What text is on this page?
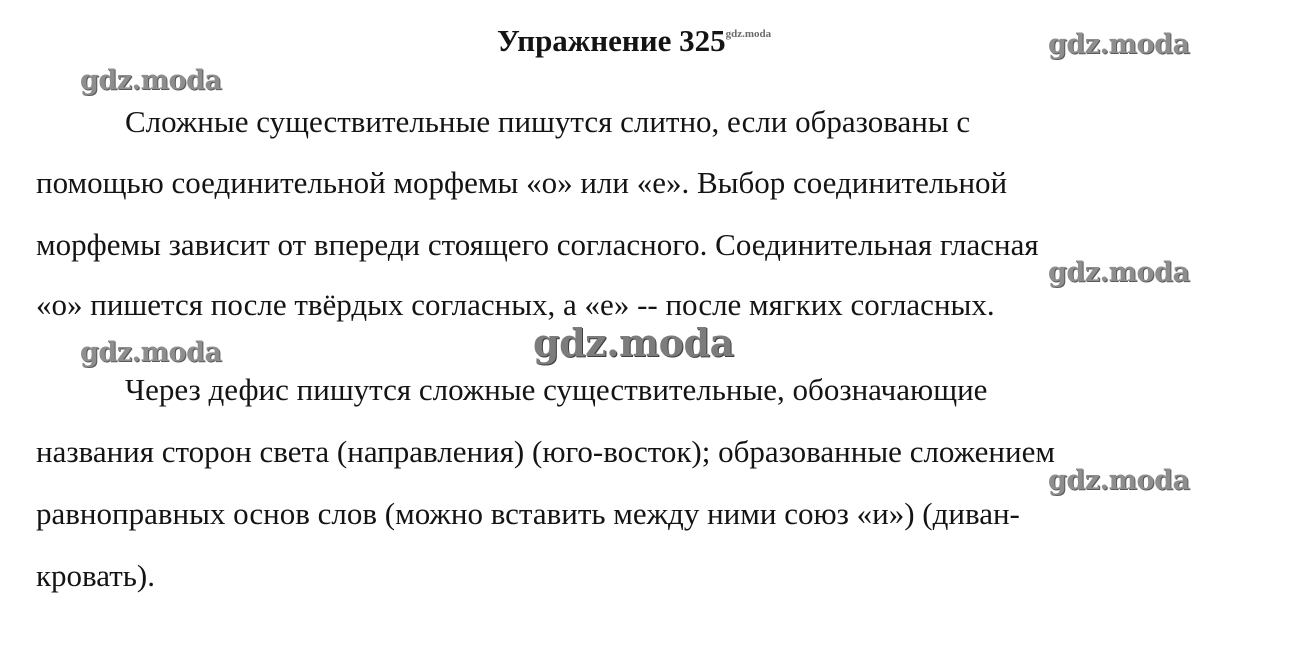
Упражнение $325^{gdz.moda}$	gdz.moda
gdz.moda
Сложные существительные пишутся слитно, если образованы с
помощью соединительной морфемы «о» или «е». Выбор соединительной
морфемы зависит от впереди стоящего согласного. Соединительная гласная
gdz.moda
«о» пишется после твёрдых согласных, а «е» -- после мягких согласных.
gdz.moda	gdz.moda
Через дефис пишутся сложные существительные, обозначающие
названия сторон света (направления) (юго-восток); образованные сложением
gdz.moda
равноправных основ слов (можно вставить между ними союз «и») (диван-
кровать).
